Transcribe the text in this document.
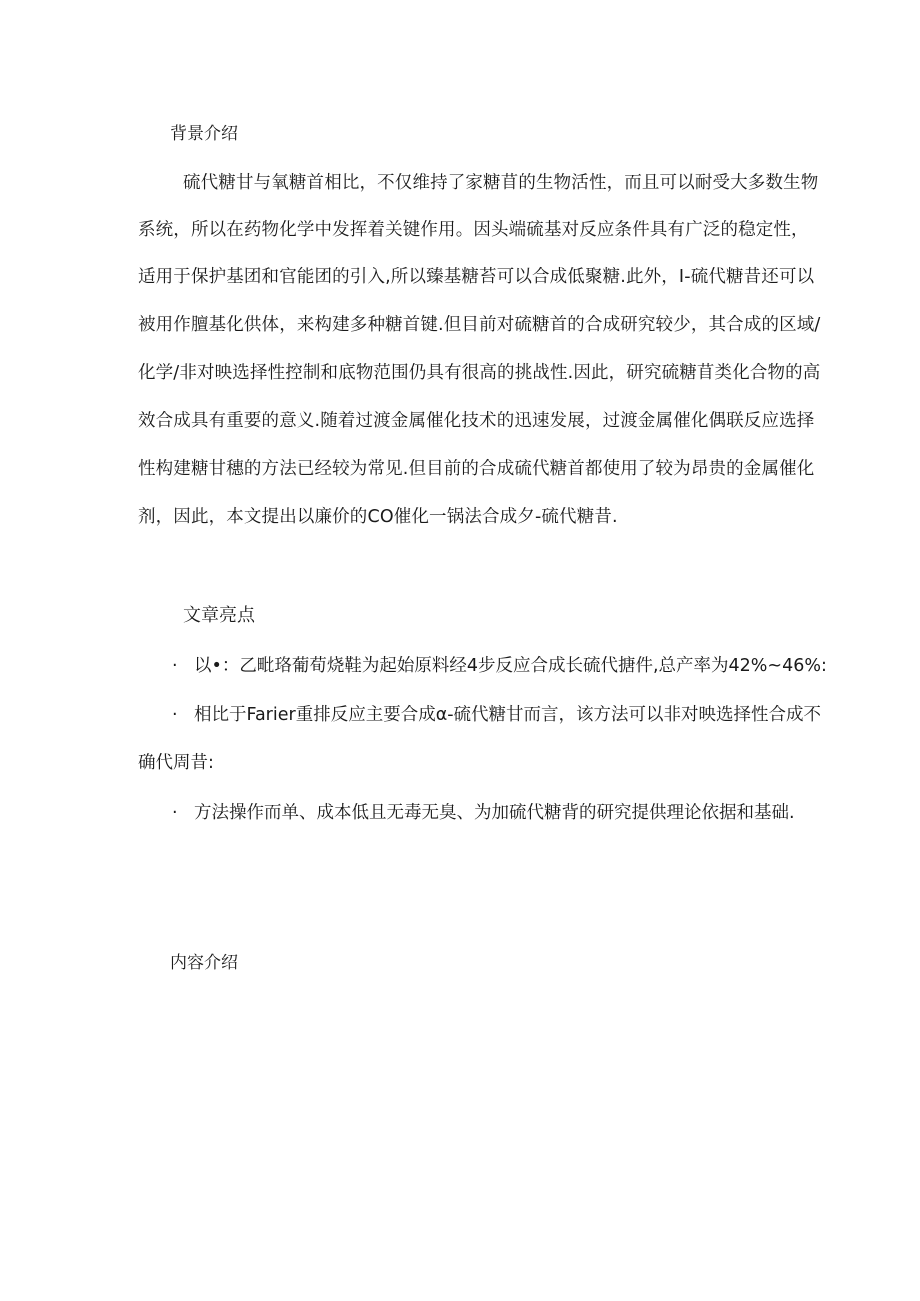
背景介绍
硫代糖甘与氧糖首相比，不仅维持了家糖苜的生物活性，而且可以耐受大多数生物
系统，所以在药物化学中发挥着关键作用。因头端硫基对反应条件具有广泛的稳定性，
适用于保护基团和官能团的引入,所以臻基糖苔可以合成低聚糖.此外，I-硫代糖昔还可以
被用作膻基化供体，来构建多种糖首键.但目前对硫糖首的合成研究较少，其合成的区域/
化学/非对映选择性控制和底物范围仍具有很高的挑战性.因此，研究硫糖苜类化合物的高
效合成具有重要的意义.随着过渡金属催化技术的迅速发展，过渡金属催化偶联反应选择
性构建糖甘穗的方法已经较为常见.但目前的合成硫代糖首都使用了较为昂贵的金属催化
剂，因此，本文提出以廉价的CO催化一锅法合成夕-硫代糖昔.
文章亮点
· 以•：乙毗珞葡荀烧鞋为起始原料经4步反应合成长硫代搪件,总产率为42%~46%:
· 相比于Farier重排反应主要合成α-硫代糖甘而言，该方法可以非对映选择性合成不
确代周昔:
· 方法操作而单、成本低且无毒无臭、为加硫代糖背的研究提供理论依据和基础.
内容介绍
